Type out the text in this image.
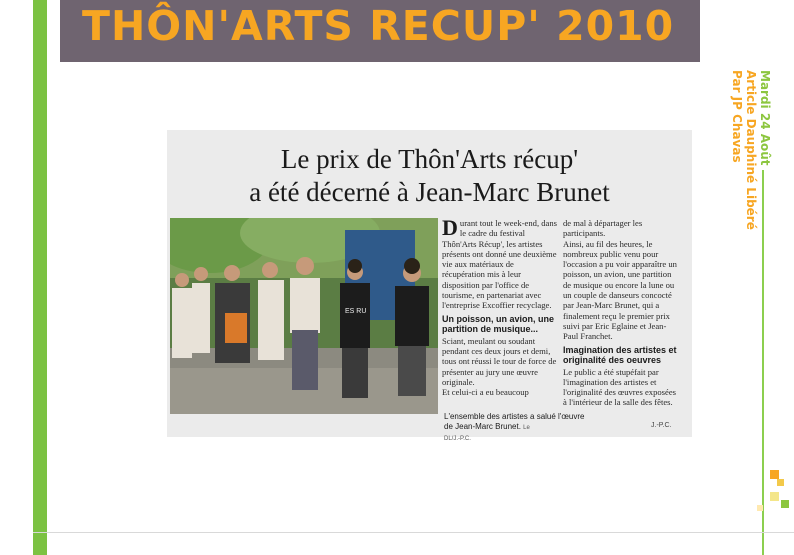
THÔN'ARTS RECUP' 2010
Mardi 24 Août
Article Dauphiné Libéré
Par JP Chavas
Le prix de Thôn'Arts récup'
a été décerné à Jean-Marc Brunet
ES RU

Durant tout le week-end, dans le cadre du festival Thôn'Arts Récup', les artistes présents ont donné une deuxième vie aux matériaux de récupération mis à leur disposition par l'office de tourisme, en partenariat avec l'entreprise Excoffier recyclage.

Un poisson, un avion, une partition de musique...

Sciant, meulant ou soudant pendant ces deux jours et demi, tous ont réussi le tour de force de présenter au jury une œuvre originale.

Et celui-ci a eu beaucoup

L'ensemble des artistes a salué l'œuvre de Jean-Marc Brunet. Le
DL/J.-P.C.

de mal à départager les participants.

Ainsi, au fil des heures, le nombreux public venu pour l'occasion a pu voir apparaître un poisson, un avion, une partition de musique ou encore la lune ou un couple de danseurs concocté par Jean-Marc Brunet, qui a finalement reçu le premier prix suivi par Eric Eglaine et Jean-Paul Franchet.

Imagination des artistes et originalité des oeuvres

Le public a été stupéfait par l'imagination des artistes et l'originalité des œuvres exposées à l'intérieur de la salle des fêtes.

J.-P.C.
